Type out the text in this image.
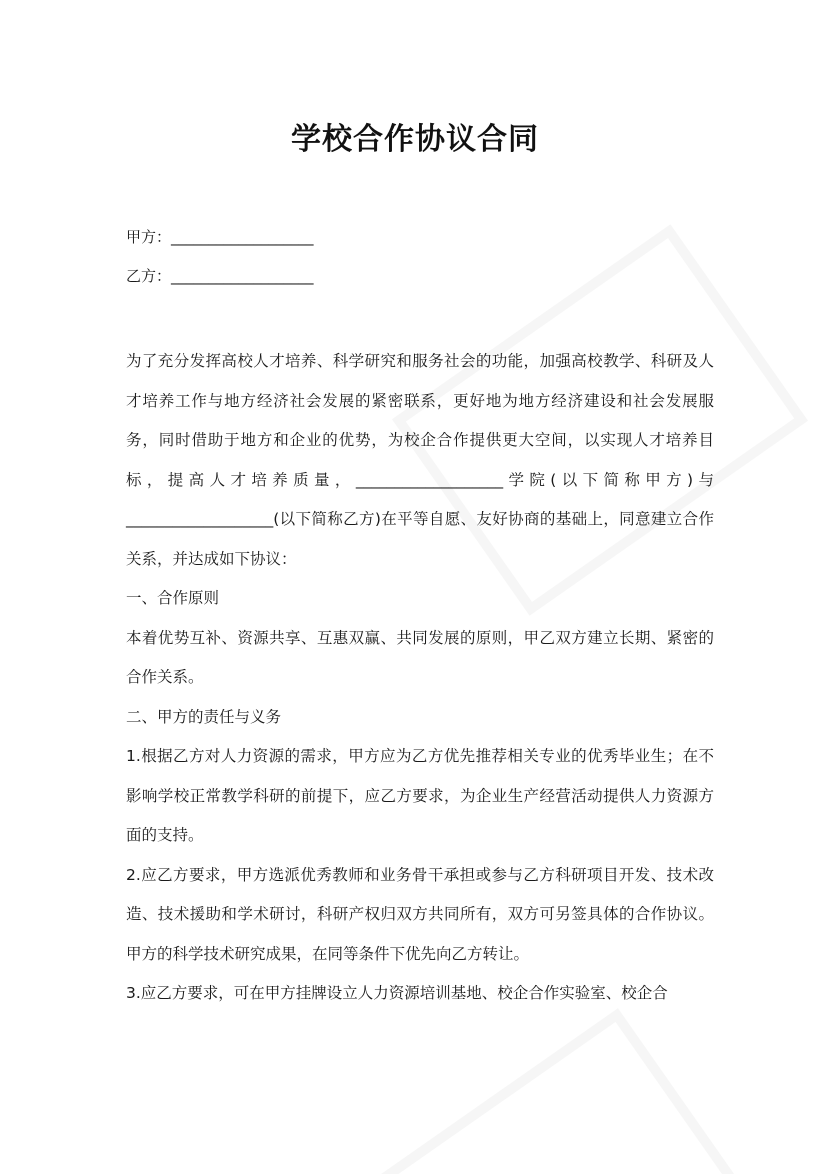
学校合作协议合同
甲方：___________________
乙方：___________________

为了充分发挥高校人才培养、科学研究和服务社会的功能，加强高校教学、科研及人才培养工作与地方经济社会发展的紧密联系，更好地为地方经济建设和社会发展服务，同时借助于地方和企业的优势，为校企合作提供更大空间，以实现人才培养目标，提高人才培养质量，___________________学院(以下简称甲方)与___________________(以下简称乙方)在平等自愿、友好协商的基础上，同意建立合作关系，并达成如下协议：

一、合作原则

本着优势互补、资源共享、互惠双赢、共同发展的原则，甲乙双方建立长期、紧密的合作关系。

二、甲方的责任与义务

1.根据乙方对人力资源的需求，甲方应为乙方优先推荐相关专业的优秀毕业生；在不影响学校正常教学科研的前提下，应乙方要求，为企业生产经营活动提供人力资源方面的支持。

2.应乙方要求，甲方选派优秀教师和业务骨干承担或参与乙方科研项目开发、技术改造、技术援助和学术研讨，科研产权归双方共同所有，双方可另签具体的合作协议。甲方的科学技术研究成果，在同等条件下优先向乙方转让。

3.应乙方要求，可在甲方挂牌设立人力资源培训基地、校企合作实验室、校企合
